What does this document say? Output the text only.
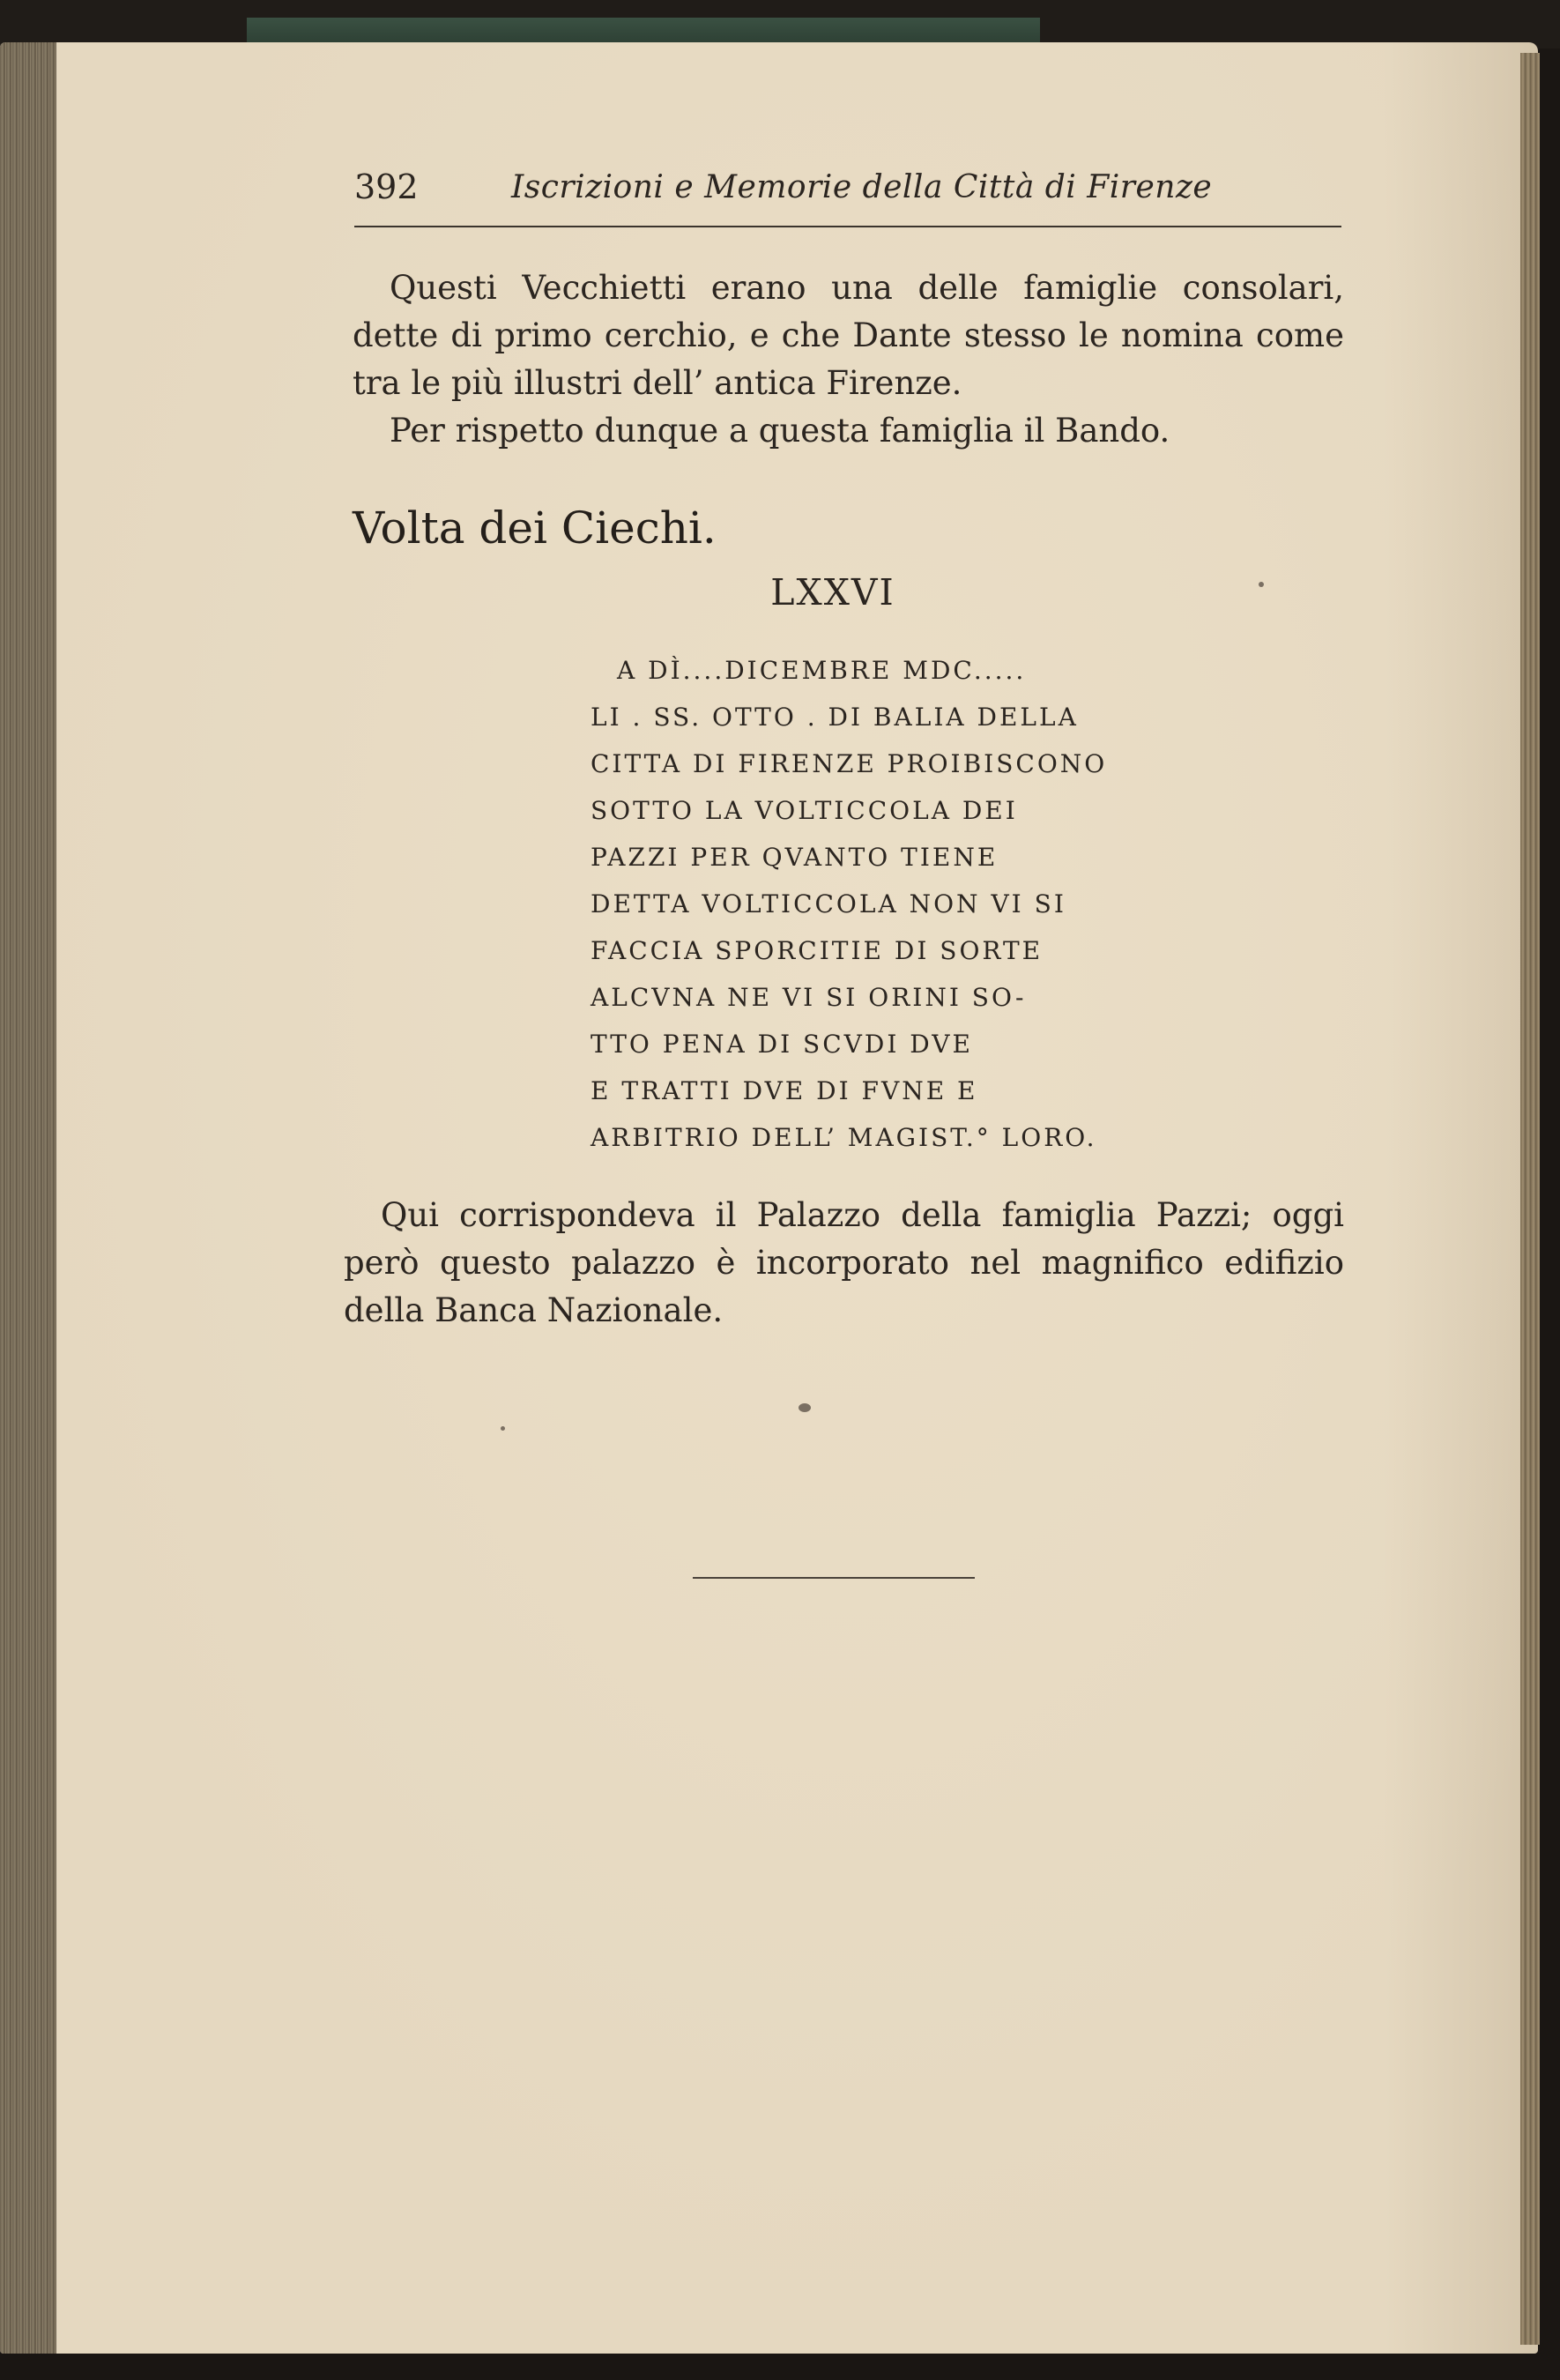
392	Iscrizioni e Memorie della Città di Firenze

Questi Vecchietti erano una delle famiglie consolari, dette di primo cerchio, e che Dante stesso le nomina come tra le più illustri dell’ antica Firenze.

Per rispetto dunque a questa famiglia il Bando.

Volta dei Ciechi.
LXXVI
A DÌ....DICEMBRE MDC.....
LI . SS. OTTO . DI BALIA DELLA
CITTA DI FIRENZE PROIBISCONO
SOTTO LA VOLTICCOLA DEI
PAZZI PER QVANTO TIENE
DETTA VOLTICCOLA NON VI SI
FACCIA SPORCITIE DI SORTE
ALCVNA NE VI SI ORINI SO-
TTO PENA DI SCVDI DVE
E TRATTI DVE DI FVNE E
ARBITRIO DELL’ MAGIST.° LORO.

Qui corrispondeva il Palazzo della famiglia Pazzi; oggi però questo palazzo è incorporato nel magnifico edifizio della Banca Nazionale.
